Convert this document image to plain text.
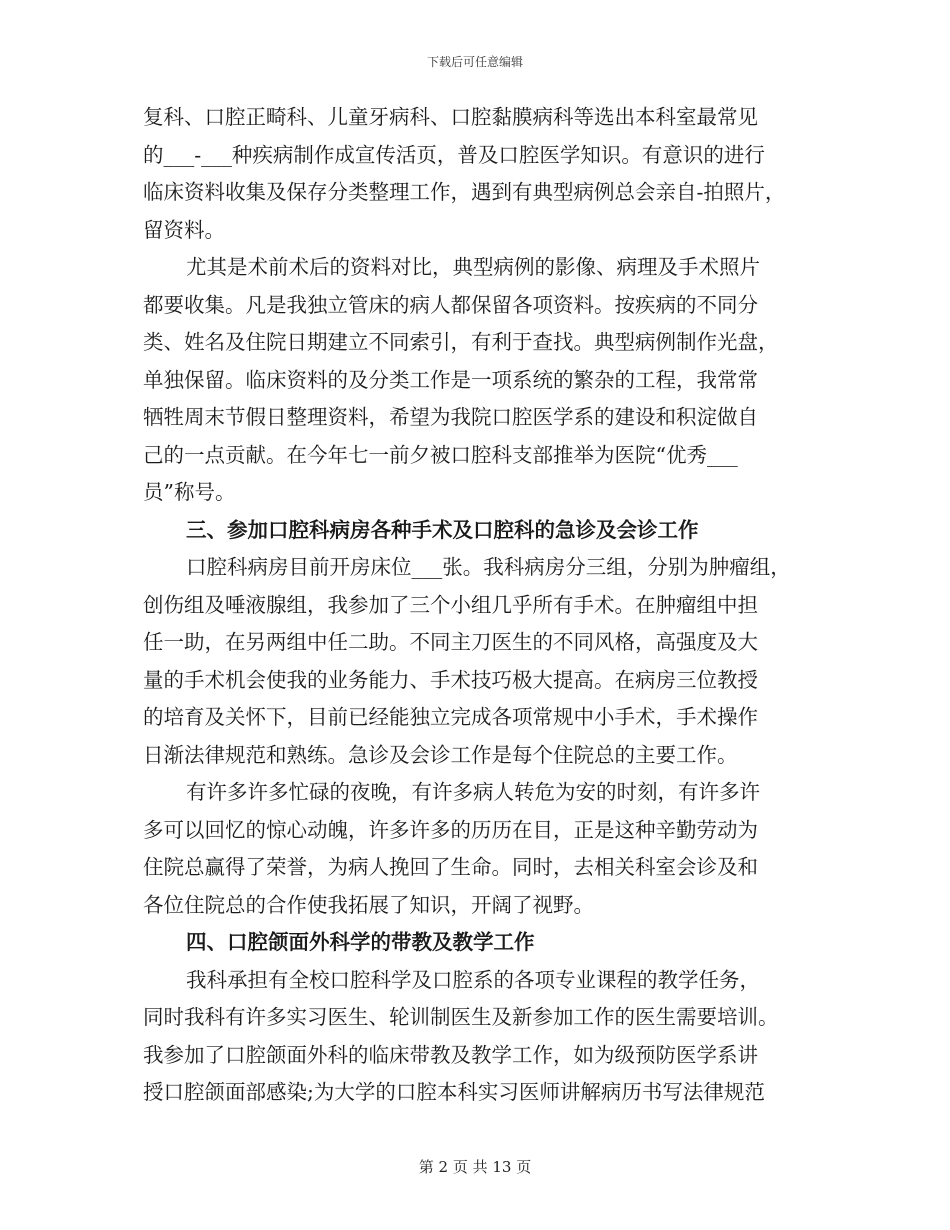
下载后可任意编辑
复科、口腔正畸科、儿童牙病科、口腔黏膜病科等选出本科室最常见
的___-___种疾病制作成宣传活页，普及口腔医学知识。有意识的进行
临床资料收集及保存分类整理工作，遇到有典型病例总会亲自-拍照片，
留资料。
尤其是术前术后的资料对比，典型病例的影像、病理及手术照片
都要收集。凡是我独立管床的病人都保留各项资料。按疾病的不同分
类、姓名及住院日期建立不同索引，有利于查找。典型病例制作光盘，
单独保留。临床资料的及分类工作是一项系统的繁杂的工程，我常常
牺牲周末节假日整理资料，希望为我院口腔医学系的建设和积淀做自
己的一点贡献。在今年七一前夕被口腔科支部推举为医院“优秀___
员”称号。
三、参加口腔科病房各种手术及口腔科的急诊及会诊工作
口腔科病房目前开房床位___张。我科病房分三组，分别为肿瘤组，
创伤组及唾液腺组，我参加了三个小组几乎所有手术。在肿瘤组中担
任一助，在另两组中任二助。不同主刀医生的不同风格，高强度及大
量的手术机会使我的业务能力、手术技巧极大提高。在病房三位教授
的培育及关怀下，目前已经能独立完成各项常规中小手术，手术操作
日渐法律规范和熟练。急诊及会诊工作是每个住院总的主要工作。
有许多许多忙碌的夜晚，有许多病人转危为安的时刻，有许多许
多可以回忆的惊心动魄，许多许多的历历在目，正是这种辛勤劳动为
住院总赢得了荣誉，为病人挽回了生命。同时，去相关科室会诊及和
各位住院总的合作使我拓展了知识，开阔了视野。
四、口腔颌面外科学的带教及教学工作
我科承担有全校口腔科学及口腔系的各项专业课程的教学任务，
同时我科有许多实习医生、轮训制医生及新参加工作的医生需要培训。
我参加了口腔颌面外科的临床带教及教学工作，如为级预防医学系讲
授口腔颌面部感染;为大学的口腔本科实习医师讲解病历书写法律规范
第 2 页 共 13 页
